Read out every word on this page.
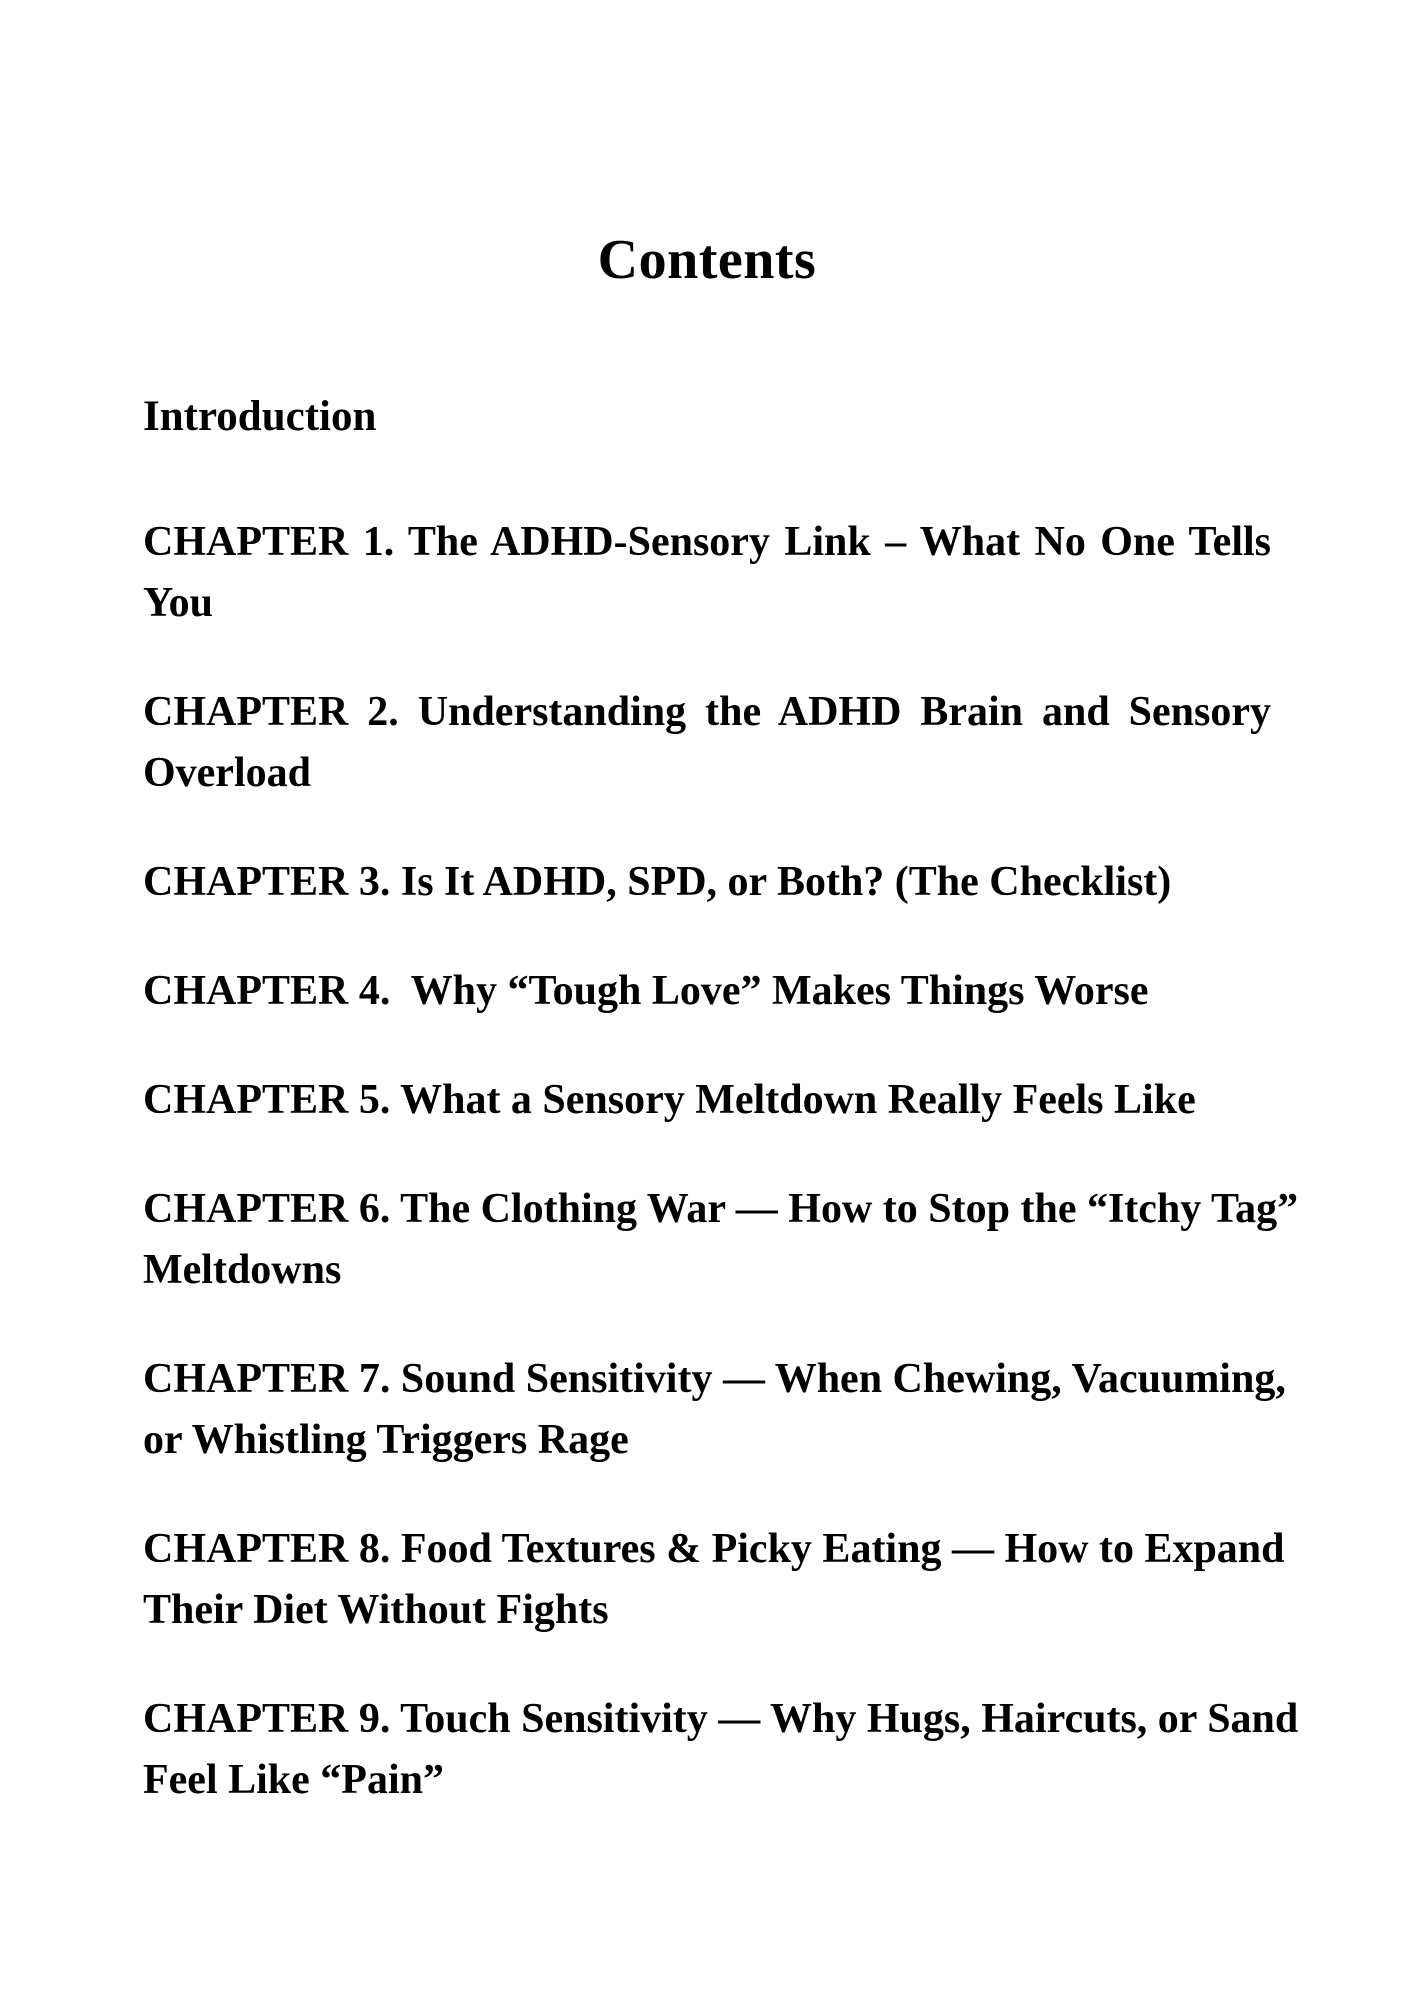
Contents
Introduction
CHAPTER 1. The ADHD-Sensory Link – What No One Tells
You
CHAPTER 2. Understanding the ADHD Brain and Sensory
Overload
CHAPTER 3. Is It ADHD, SPD, or Both? (The Checklist)
CHAPTER 4.  Why “Tough Love” Makes Things Worse
CHAPTER 5. What a Sensory Meltdown Really Feels Like
CHAPTER 6. The Clothing War — How to Stop the “Itchy Tag”
Meltdowns
CHAPTER 7. Sound Sensitivity — When Chewing, Vacuuming,
or Whistling Triggers Rage
CHAPTER 8. Food Textures & Picky Eating — How to Expand
Their Diet Without Fights
CHAPTER 9. Touch Sensitivity — Why Hugs, Haircuts, or Sand
Feel Like “Pain”
